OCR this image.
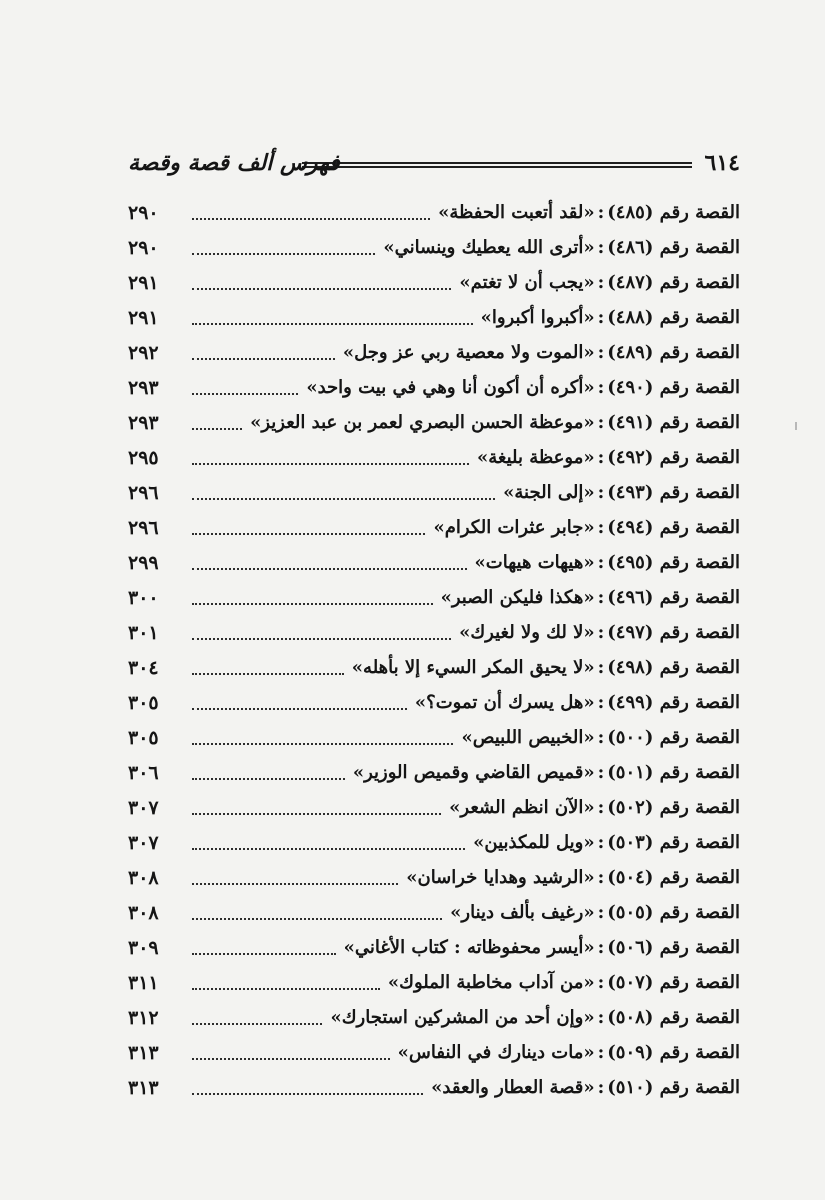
٦١٤
فهرس ألف قصة وقصة
القصة رقم (٤٨٥)
:
«لقد أتعبت الحفظة»
٢٩٠
القصة رقم (٤٨٦)
:
«أترى الله يعطيك وينساني»
٢٩٠
القصة رقم (٤٨٧)
:
«يجب أن لا تغتم»
٢٩١
القصة رقم (٤٨٨)
:
«أكبروا أكبروا»
٢٩١
القصة رقم (٤٨٩)
:
«الموت ولا معصية ربي عز وجل»
٢٩٢
القصة رقم (٤٩٠)
:
«أكره أن أكون أنا وهي في بيت واحد»
٢٩٣
القصة رقم (٤٩١)
:
«موعظة الحسن البصري لعمر بن عبد العزيز»
٢٩٣
القصة رقم (٤٩٢)
:
«موعظة بليغة»
٢٩٥
القصة رقم (٤٩٣)
:
«إلى الجنة»
٢٩٦
القصة رقم (٤٩٤)
:
«جابر عثرات الكرام»
٢٩٦
القصة رقم (٤٩٥)
:
«هيهات هيهات»
٢٩٩
القصة رقم (٤٩٦)
:
«هكذا فليكن الصبر»
٣٠٠
القصة رقم (٤٩٧)
:
«لا لك ولا لغيرك»
٣٠١
القصة رقم (٤٩٨)
:
«لا يحيق المكر السيء إلا بأهله»
٣٠٤
القصة رقم (٤٩٩)
:
«هل يسرك أن تموت؟»
٣٠٥
القصة رقم (٥٠٠)
:
«الخبيص اللبيص»
٣٠٥
القصة رقم (٥٠١)
:
«قميص القاضي وقميص الوزير»
٣٠٦
القصة رقم (٥٠٢)
:
«الآن انظم الشعر»
٣٠٧
القصة رقم (٥٠٣)
:
«ويل للمكذبين»
٣٠٧
القصة رقم (٥٠٤)
:
«الرشيد وهدايا خراسان»
٣٠٨
القصة رقم (٥٠٥)
:
«رغيف بألف دينار»
٣٠٨
القصة رقم (٥٠٦)
:
«أيسر محفوظاته : كتاب الأغاني»
٣٠٩
القصة رقم (٥٠٧)
:
«من آداب مخاطبة الملوك»
٣١١
القصة رقم (٥٠٨)
:
«وإن أحد من المشركين استجارك»
٣١٢
القصة رقم (٥٠٩)
:
«مات دينارك في النفاس»
٣١٣
القصة رقم (٥١٠)
:
«قصة العطار والعقد»
٣١٣
